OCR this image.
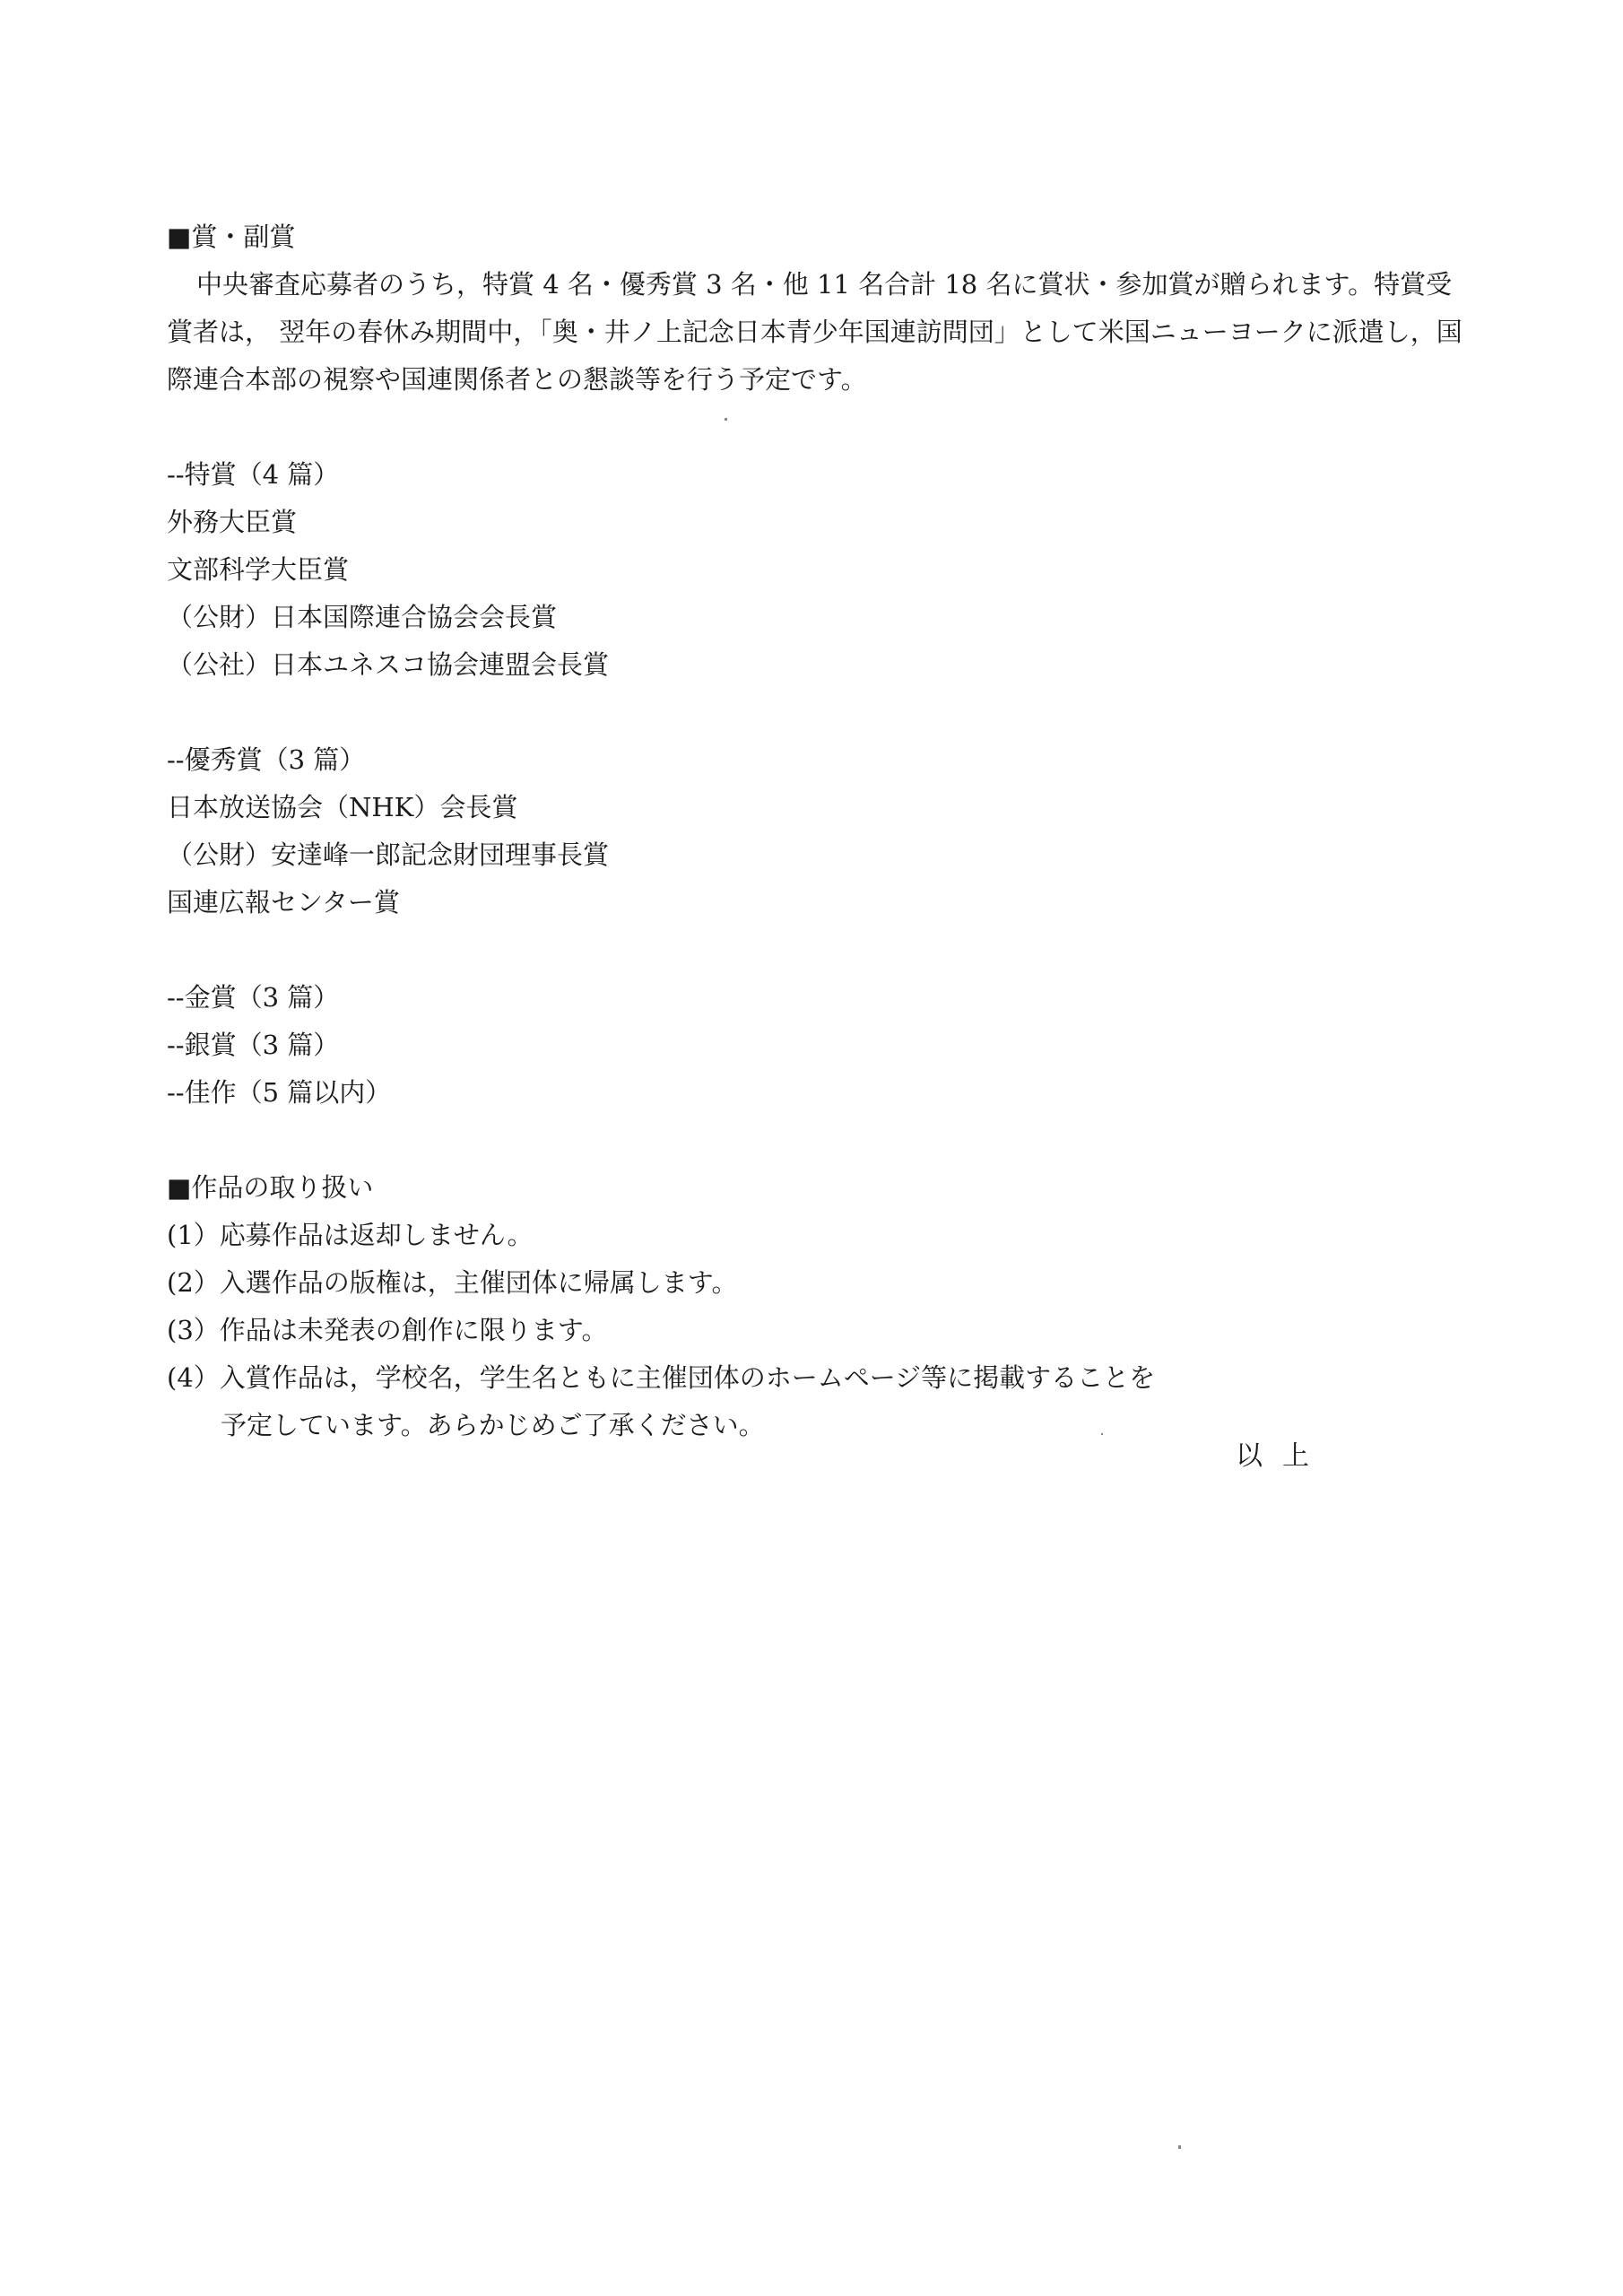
■賞・副賞
中央審査応募者のうち，特賞 4 名・優秀賞 3 名・他 11 名合計 18 名に賞状・参加賞が贈られます。特賞受賞者は， 翌年の春休み期間中，「奥・井ノ上記念日本青少年国連訪問団」として米国ニューヨークに派遣し，国際連合本部の視察や国連関係者との懇談等を行う予定です。
--特賞（4 篇）
外務大臣賞
文部科学大臣賞
（公財）日本国際連合協会会長賞
（公社）日本ユネスコ協会連盟会長賞
--優秀賞（3 篇）
日本放送協会（NHK）会長賞
（公財）安達峰一郎記念財団理事長賞
国連広報センター賞
--金賞（3 篇）
--銀賞（3 篇）
--佳作（5 篇以内）
■作品の取り扱い
(1）応募作品は返却しません。
(2）入選作品の版権は，主催団体に帰属します。
(3）作品は未発表の創作に限ります。
(4）入賞作品は，学校名，学生名ともに主催団体のホームページ等に掲載することを
予定しています。あらかじめご了承ください。
以上
